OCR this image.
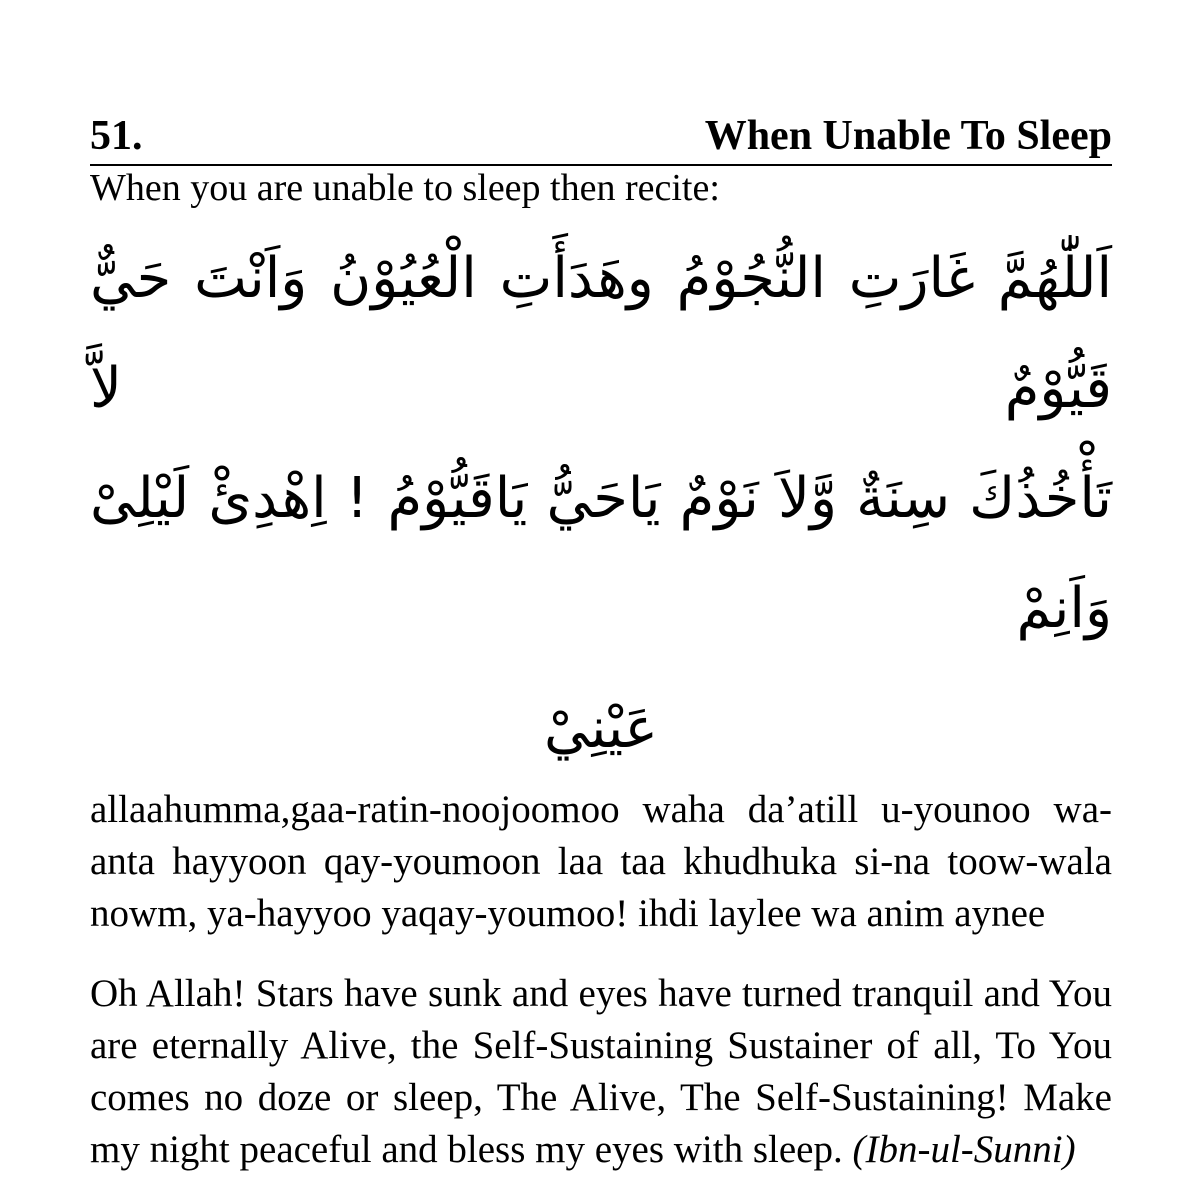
51.	When Unable To Sleep
When you are unable to sleep then recite:
اَللّٰهُمَّ غَارَتِ النُّجُوْمُ وهَدَأَتِ الْعُيُوْنُ وَاَنْتَ حَيٌّ قَيُّوْمٌ لاَّ
تَأْخُذُكَ سِنَةٌ وَّلاَ نَوْمٌ يَاحَيُّ يَاقَيُّوْمُ ! اِهْدِئْ لَيْلِىْ وَاَنِمْ
عَيْنِيْ
allaahumma,gaa-ratin-noojoomoo waha da’atill u-younoo wa-anta hayyoon qay-youmoon laa taa khudhuka si-na toow-wala nowm, ya-hayyoo yaqay-youmoo! ihdi laylee wa anim aynee
Oh Allah! Stars have sunk and eyes have turned tranquil and You are eternally Alive, the Self-Sustaining Sustainer of all, To You comes no doze or sleep, The Alive, The Self-Sustaining! Make my night peaceful and bless my eyes with sleep. (Ibn-ul-Sunni)
